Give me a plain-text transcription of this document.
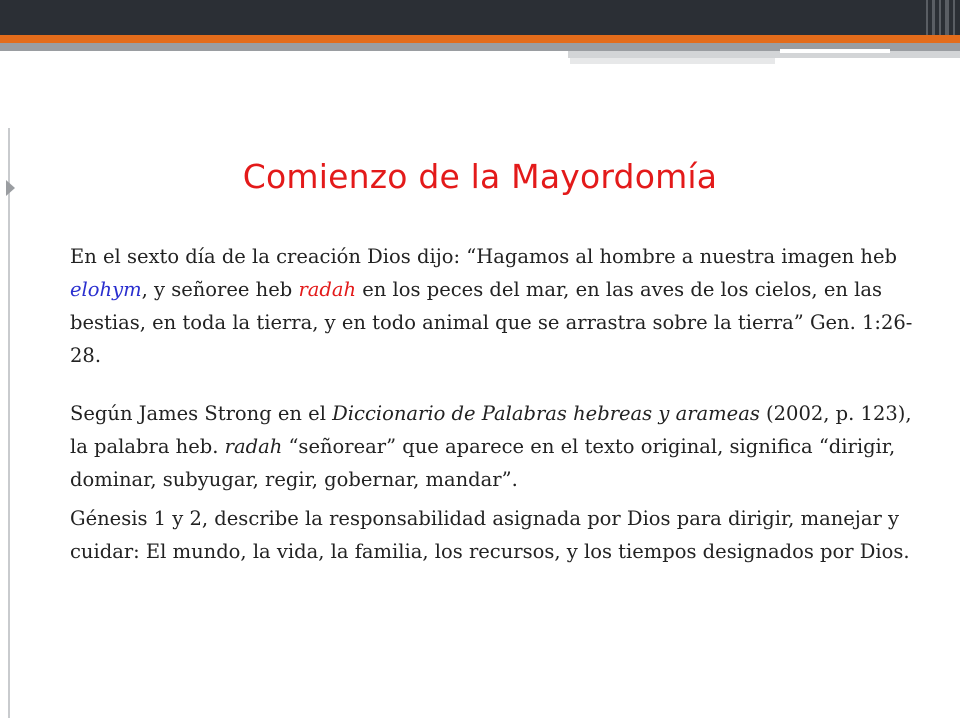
Comienzo de la Mayordomía

En el sexto día de la creación Dios dijo: “Hagamos al hombre a nuestra imagen heb elohym, y señoree heb radah en los peces del mar, en las aves de los cielos, en las bestias, en toda la tierra, y en todo animal que se arrastra sobre la tierra” Gen. 1:26-28.

Según James Strong en el Diccionario de Palabras hebreas y arameas (2002, p. 123), la palabra heb. radah “señorear” que aparece en el texto original, significa “dirigir, dominar, subyugar, regir, gobernar, mandar”.

Génesis 1 y 2, describe la responsabilidad asignada por Dios para dirigir, manejar y cuidar: El mundo, la vida, la familia, los recursos, y los tiempos designados por Dios.
